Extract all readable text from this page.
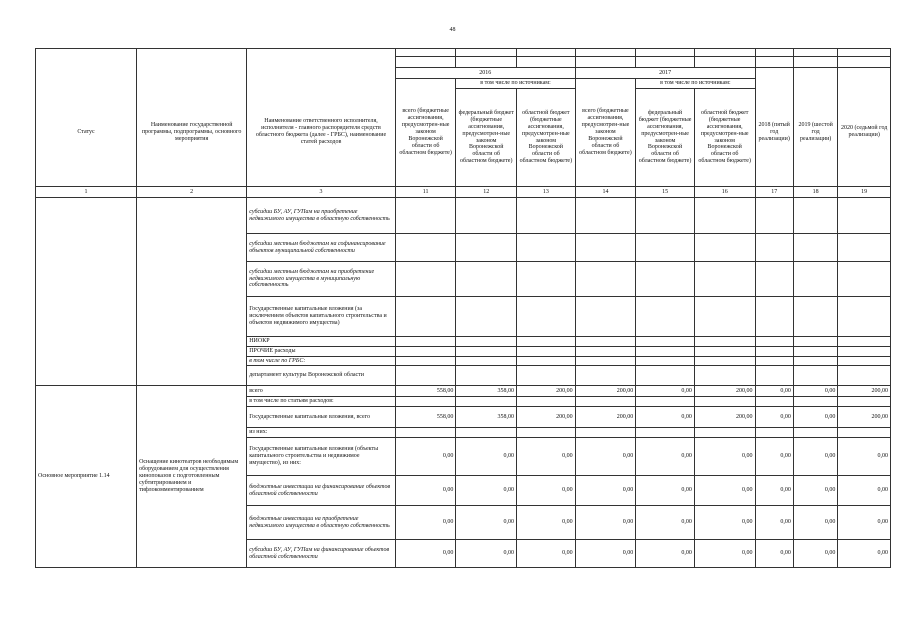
48

			2016			2017					
Статус	Наименование государственной программы, подпрограммы, основного мероприятия	Наименование ответственного исполнителя, исполнителя - главного распорядителя средств областного бюджета (далее - ГРБС), наименование статей расходов	всего (бюджетные ассигнования, предусмотрен-ные законом Воронежской области об областном бюджете)	в том числе по источникам:		всего (бюджетные ассигнования, предусмотрен-ные законом Воронежской области об областном бюджете)	в том числе по источникам:		2018 (пятый год реализации)	2019 (шестой год реализации)	2020 (седьмой год реализации)
				федеральный бюджет (бюджетные ассигнования, предусмотрен-ные законом Воронежской области об областном бюджете)	областной бюджет (бюджетные ассигнования, предусмотрен-ные законом Воронежской области об областном бюджете)		федеральный бюджет (бюджетные ассигнования, предусмотрен-ные законом Воронежской области об областном бюджете)	областной бюджет (бюджетные ассигнования, предусмотрен-ные законом Воронежской области об областном бюджете)			
1	2	3	11	12	13	14	15	16	17	18	19
		субсидии БУ, АУ, ГУПам на приобретение недвижимого имущества в областную собственность									
		субсидии местным бюджетам на софинансирование объектов муниципальной собственности									
		субсидии местным бюджетам на приобретение недвижимого имущества в муниципальную собственность									
		Государственные капитальные вложения (за исключением объектов капитального строительства и объектов недвижимого имущества)									
		НИОКР									
		ПРОЧИЕ расходы									
		в том числе по ГРБС:									
		департамент культуры Воронежской области									
Основное мероприятие 1.14	Оснащение кинотеатров необходимым оборудованием для осуществления кинопоказов с подготовленным субтитрированием и тифлокомментированием	всего	558,00	358,00	200,00	200,00	0,00	200,00	0,00	0,00	200,00
		в том числе по статьям расходов:									
		Государственные капитальные вложения, всего	558,00	358,00	200,00	200,00	0,00	200,00	0,00	0,00	200,00
		из них:									
		Государственные капитальные вложения (объекты капитального строительства и недвижимое имущество), из них:	0,00	0,00	0,00	0,00	0,00	0,00	0,00	0,00	0,00
		бюджетные инвестиции на финансирование объектов областной собственности	0,00	0,00	0,00	0,00	0,00	0,00	0,00	0,00	0,00
		бюджетные инвестиции на приобретение недвижимого имущества в областную собственность	0,00	0,00	0,00	0,00	0,00	0,00	0,00	0,00	0,00
		субсидии БУ, АУ, ГУПам на финансирование объектов областной собственности	0,00	0,00	0,00	0,00	0,00	0,00	0,00	0,00	0,00
